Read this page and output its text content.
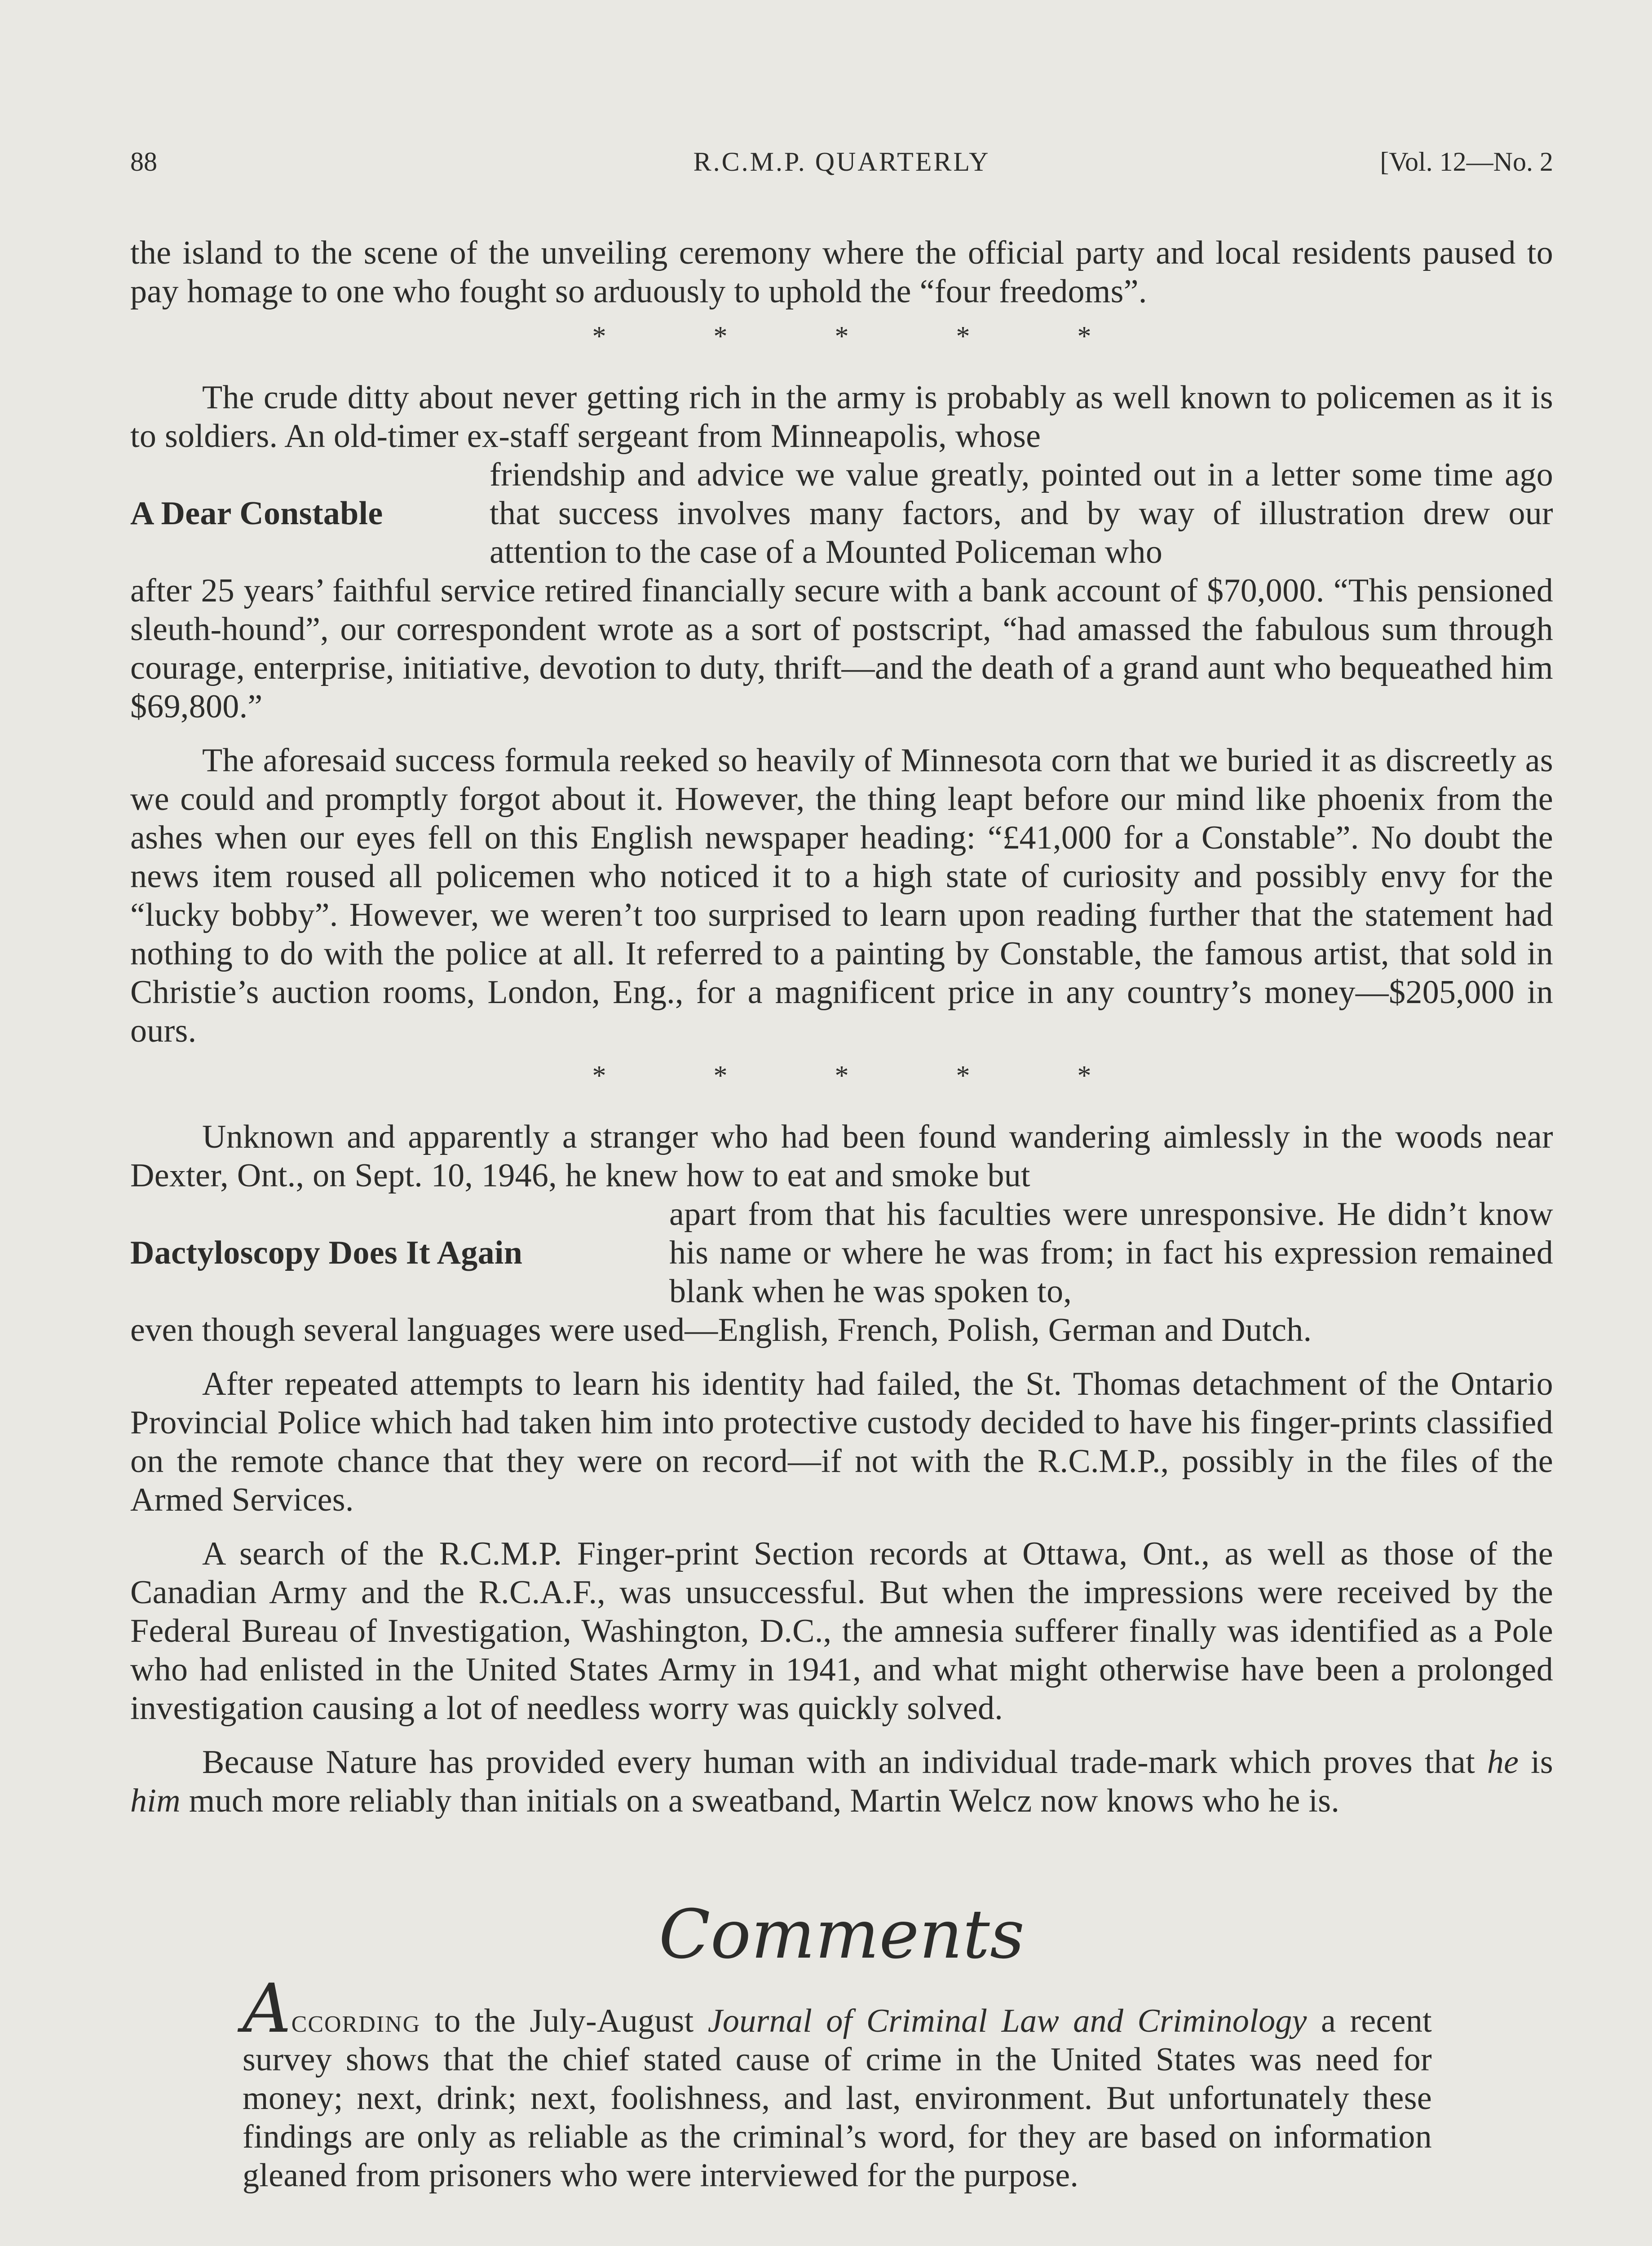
88	R.C.M.P. QUARTERLY	[Vol. 12—No. 2

the island to the scene of the unveiling ceremony where the official party and local residents paused to pay homage to one who fought so arduously to uphold the “four freedoms”.

*	*	*	*	*

The crude ditty about never getting rich in the army is probably as well known to policemen as it is to soldiers. An old-timer ex-staff sergeant from Minneapolis, whose

A Dear Constable

friendship and advice we value greatly, pointed out in a letter some time ago that success involves many factors, and by way of illustration drew our attention to the case of a Mounted Policeman who

after 25 years’ faithful service retired financially secure with a bank account of $70,000. “This pensioned sleuth-hound”, our correspondent wrote as a sort of postscript, “had amassed the fabulous sum through courage, enterprise, initiative, devotion to duty, thrift—and the death of a grand aunt who bequeathed him $69,800.”

The aforesaid success formula reeked so heavily of Minnesota corn that we buried it as discreetly as we could and promptly forgot about it. However, the thing leapt before our mind like phoenix from the ashes when our eyes fell on this English newspaper heading: “£41,000 for a Constable”. No doubt the news item roused all policemen who noticed it to a high state of curiosity and possibly envy for the “lucky bobby”. However, we weren’t too surprised to learn upon reading further that the statement had nothing to do with the police at all. It referred to a painting by Constable, the famous artist, that sold in Christie’s auction rooms, London, Eng., for a magnificent price in any country’s money—$205,000 in ours.

*	*	*	*	*

Unknown and apparently a stranger who had been found wandering aimlessly in the woods near Dexter, Ont., on Sept. 10, 1946, he knew how to eat and smoke but

Dactyloscopy Does It Again

apart from that his faculties were unresponsive. He didn’t know his name or where he was from; in fact his expression remained blank when he was spoken to,

even though several languages were used—English, French, Polish, German and Dutch.

After repeated attempts to learn his identity had failed, the St. Thomas detachment of the Ontario Provincial Police which had taken him into protective custody decided to have his finger-prints classified on the remote chance that they were on record—if not with the R.C.M.P., possibly in the files of the Armed Services.

A search of the R.C.M.P. Finger-print Section records at Ottawa, Ont., as well as those of the Canadian Army and the R.C.A.F., was unsuccessful. But when the impressions were received by the Federal Bureau of Investigation, Washington, D.C., the amnesia sufferer finally was identified as a Pole who had enlisted in the United States Army in 1941, and what might otherwise have been a prolonged investigation causing a lot of needless worry was quickly solved.

Because Nature has provided every human with an individual trade-mark which proves that he is him much more reliably than initials on a sweatband, Martin Welcz now knows who he is.

Comments

According to the July-August Journal of Criminal Law and Criminology a recent survey shows that the chief stated cause of crime in the United States was need for money; next, drink; next, foolishness, and last, environment. But unfortunately these findings are only as reliable as the criminal’s word, for they are based on information gleaned from prisoners who were interviewed for the purpose.
